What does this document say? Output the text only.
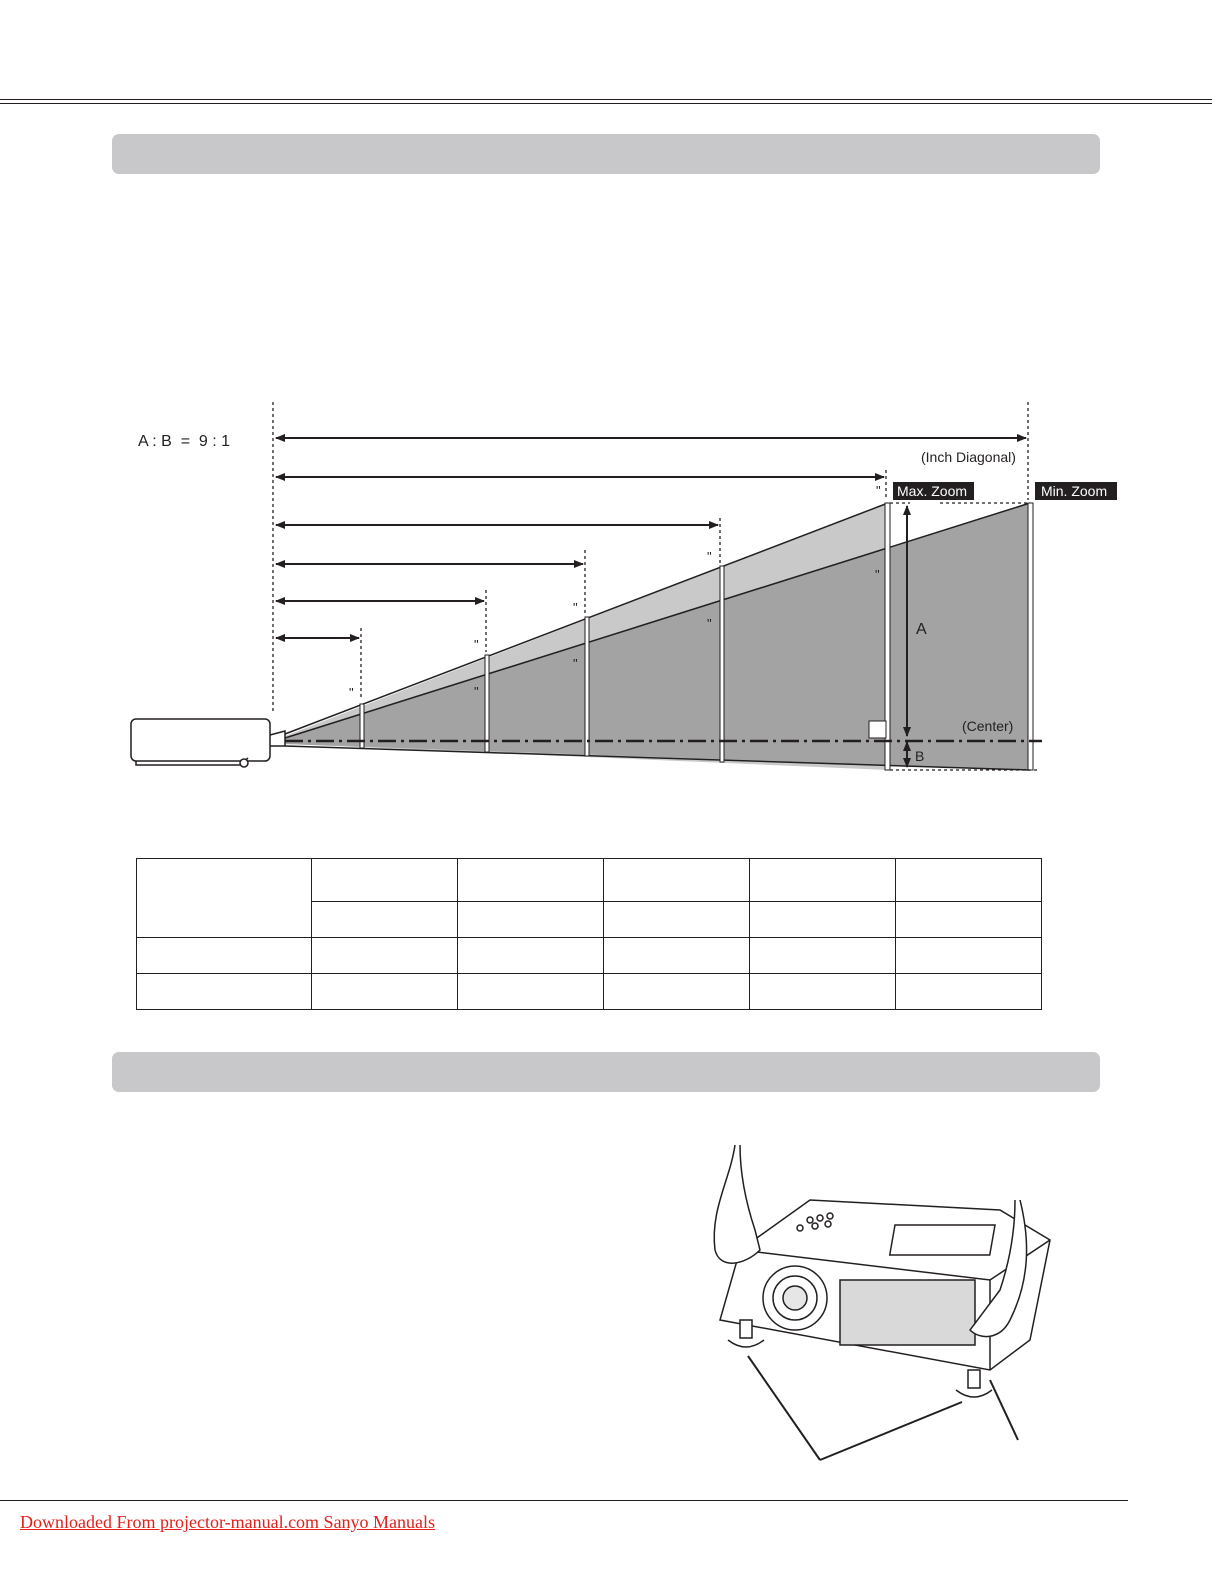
A : B  =  9 : 1
(Inch Diagonal)
Max. Zoom	Min. Zoom
A
B
(Center)
"
"
"
"
"
"
"
"
"

Downloaded From projector-manual.com Sanyo Manuals
